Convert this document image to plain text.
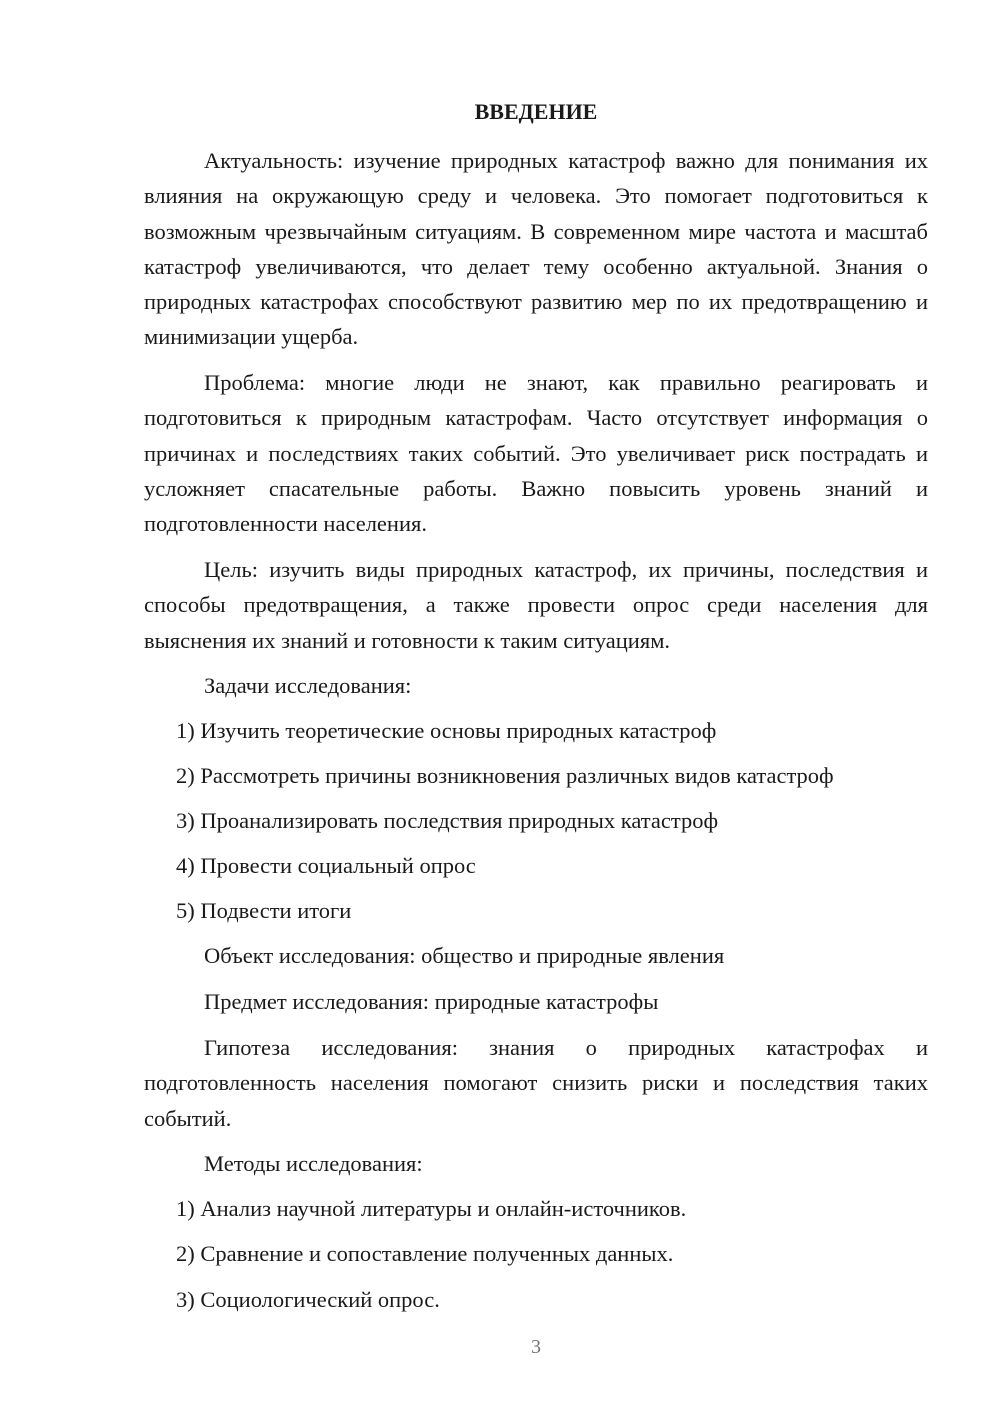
ВВЕДЕНИЕ

Актуальность: изучение природных катастроф важно для понимания их влияния на окружающую среду и человека. Это помогает подготовиться к возможным чрезвычайным ситуациям. В современном мире частота и масштаб катастроф увеличиваются, что делает тему особенно актуальной. Знания о природных катастрофах способствуют развитию мер по их предотвращению и минимизации ущерба.

Проблема: многие люди не знают, как правильно реагировать и подготовиться к природным катастрофам. Часто отсутствует информация о причинах и последствиях таких событий. Это увеличивает риск пострадать и усложняет спасательные работы. Важно повысить уровень знаний и подготовленности населения.

Цель: изучить виды природных катастроф, их причины, последствия и способы предотвращения, а также провести опрос среди населения для выяснения их знаний и готовности к таким ситуациям.

Задачи исследования:

1) Изучить теоретические основы природных катастроф

2) Рассмотреть причины возникновения различных видов катастроф

3) Проанализировать последствия природных катастроф

4) Провести социальный опрос

5) Подвести итоги

Объект исследования: общество и природные явления

Предмет исследования: природные катастрофы

Гипотеза исследования: знания о природных катастрофах и подготовленность населения помогают снизить риски и последствия таких событий.

Методы исследования:

1) Анализ научной литературы и онлайн-источников.

2) Сравнение и сопоставление полученных данных.

3) Социологический опрос.

3
